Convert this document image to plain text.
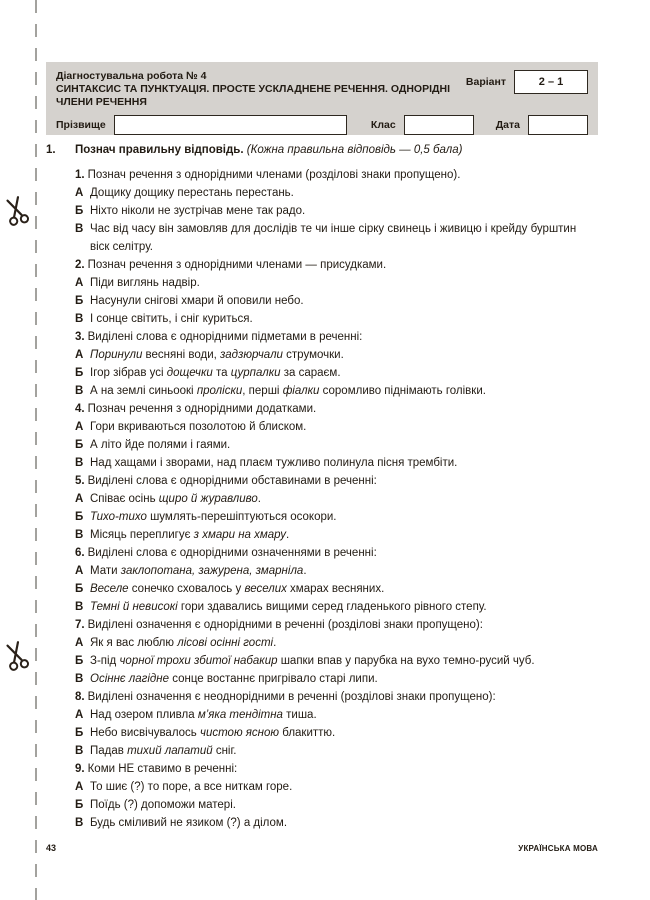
Діагностувальна робота № 4
СИНТАКСИС ТА ПУНКТУАЦІЯ. ПРОСТЕ УСКЛАДНЕНЕ РЕЧЕННЯ. ОДНОРІДНІ ЧЛЕНИ РЕЧЕННЯ
Варіант	2 – 1
Прізвище	Клас	Дата
1.	Познач правильну відповідь. (Кожна правильна відповідь — 0,5 бала)
1. Познач речення з однорідними членами (розділові знаки пропущено).
А Дощику дощику перестань перестань.
Б Ніхто ніколи не зустрічав мене так радо.
В Час від часу він замовляв для дослідів те чи інше сірку свинець і живицю і крейду бурштин віск селітру.
2. Познач речення з однорідними членами — присудками.
А Піди виглянь надвір.
Б Насунули снігові хмари й оповили небо.
В І сонце світить, і сніг куриться.
3. Виділені слова є однорідними підметами в реченні:
А Поринули весняні води, задзюрчали струмочки.
Б Ігор зібрав усі дощечки та цурпалки за сараєм.
В А на землі синьоокі проліски, перші фіалки соромливо піднімають голівки.
4. Познач речення з однорідними додатками.
А Гори вкриваються позолотою й блиском.
Б А літо йде полями і гаями.
В Над хащами і зворами, над плаєм тужливо полинула пісня трембіти.
5. Виділені слова є однорідними обставинами в реченні:
А Співає осінь щиро й журавливо.
Б Тихо-тихо шумлять-перешіптуються осокори.
В Місяць переплигує з хмари на хмару.
6. Виділені слова є однорідними означеннями в реченні:
А Мати заклопотана, зажурена, змарніла.
Б Веселе сонечко сховалось у веселих хмарах весняних.
В Темні й невисокі гори здавались вищими серед гладенького рівного степу.
7. Виділені означення є однорідними в реченні (розділові знаки пропущено):
А Як я вас люблю лісові осінні гості.
Б З-під чорної трохи збитої набакир шапки впав у парубка на вухо темно-русий чуб.
В Осіннє лагідне сонце востаннє пригрівало старі липи.
8. Виділені означення є неоднорідними в реченні (розділові знаки пропущено):
А Над озером пливла м’яка тендітна тиша.
Б Небо висвічувалось чистою ясною блакиттю.
В Падав тихий лапатий сніг.
9. Коми НЕ ставимо в реченні:
А То шиє (?) то поре, а все ниткам горе.
Б Поїдь (?) допоможи матері.
В Будь сміливий не язиком (?) а ділом.
43	УКРАЇНСЬКА МОВА
